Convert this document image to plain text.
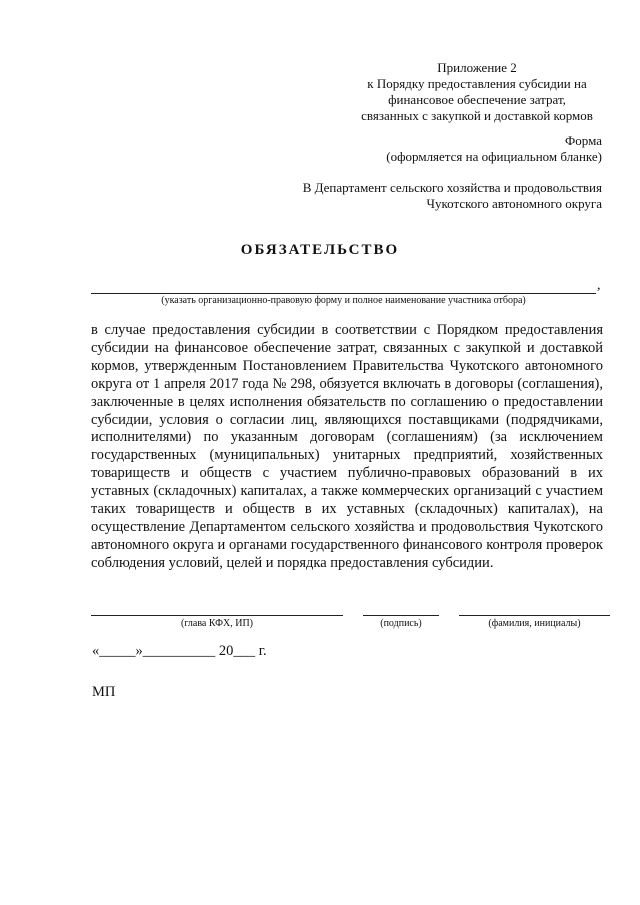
Приложение 2
к Порядку предоставления субсидии на
финансовое обеспечение затрат,
связанных с закупкой и доставкой кормов
Форма
(оформляется на официальном бланке)
В Департамент сельского хозяйства и продовольствия
Чукотского автономного округа
ОБЯЗАТЕЛЬСТВО
,
(указать организационно-правовую форму и полное наименование участника отбора)

в случае предоставления субсидии в соответствии с Порядком предоставления субсидии на финансовое обеспечение затрат, связанных с закупкой и доставкой кормов, утвержденным Постановлением Правительства Чукотского автономного округа от 1 апреля 2017 года № 298, обязуется включать в договоры (соглашения), заключенные в целях исполнения обязательств по соглашению о предоставлении субсидии, условия о согласии лиц, являющихся поставщиками (подрядчиками, исполнителями) по указанным договорам (соглашениям) (за исключением государственных (муниципальных) унитарных предприятий, хозяйственных товариществ и обществ с участием публично-правовых образований в их уставных (складочных) капиталах, а также коммерческих организаций с участием таких товариществ и обществ в их уставных (складочных) капиталах), на осуществление Департаментом сельского хозяйства и продовольствия Чукотского автономного округа и органами государственного финансового контроля проверок соблюдения условий, целей и порядка предоставления субсидии.

(глава КФХ, ИП)	(подпись)	(фамилия, инициалы)
«_____»__________ 20___ г.
МП
